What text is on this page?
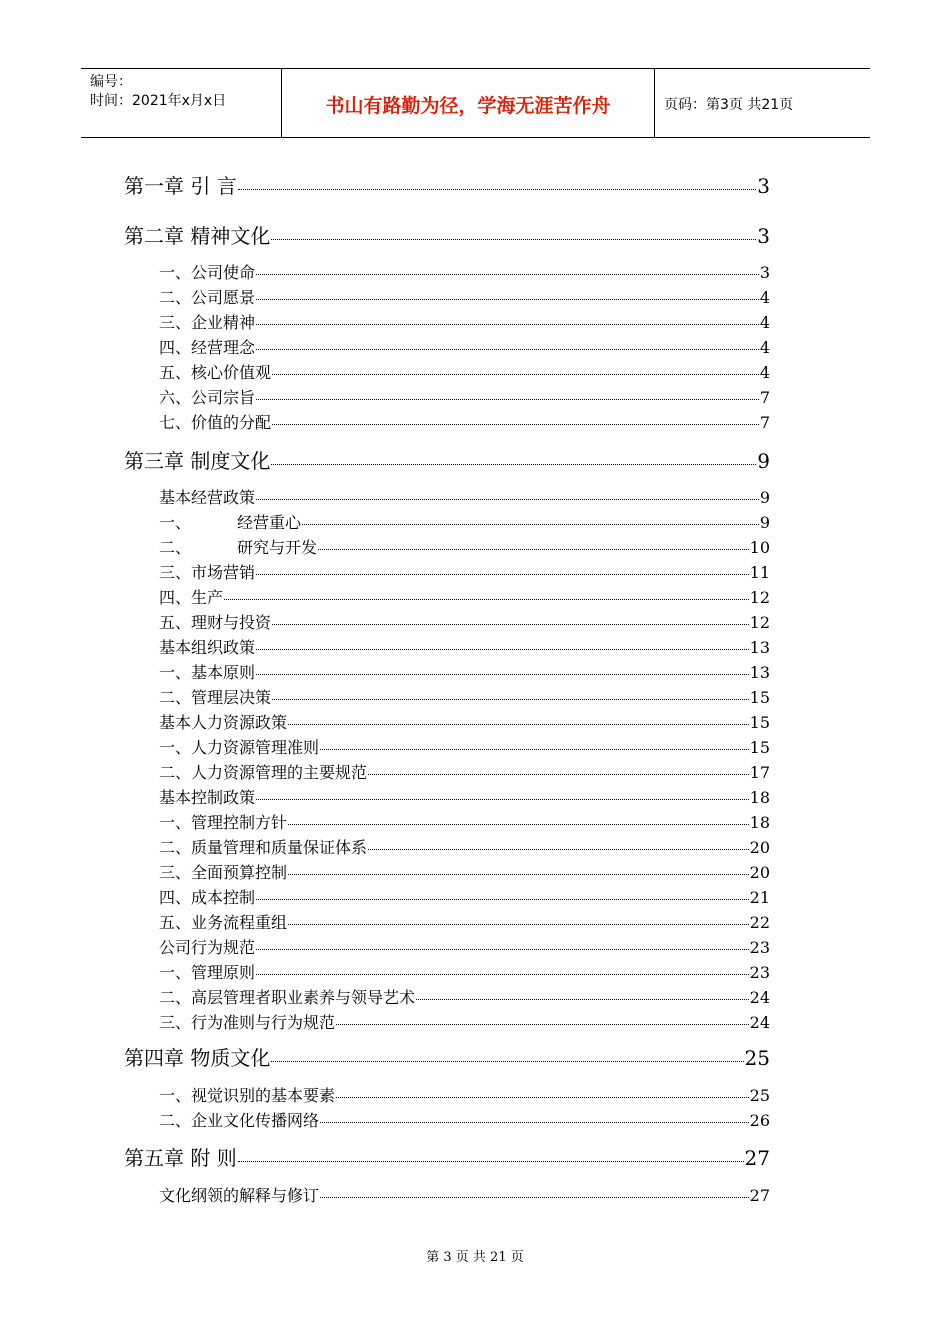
编号：
时间：2021年x月x日	书山有路勤为径，学海无涯苦作舟	页码：第3页 共21页
第一章 引 言	3
第二章 精神文化	3
一、公司使命	3
二、公司愿景	4
三、企业精神	4
四、经营理念	4
五、核心价值观	4
六、公司宗旨	7
七、价值的分配	7
第三章 制度文化	9
基本经营政策	9
一、	经营重心	9
二、	研究与开发	10
三、市场营销	11
四、生产	12
五、理财与投资	12
基本组织政策	13
一、基本原则	13
二、管理层决策	15
基本人力资源政策	15
一、人力资源管理准则	15
二、人力资源管理的主要规范	17
基本控制政策	18
一、管理控制方针	18
二、质量管理和质量保证体系	20
三、全面预算控制	20
四、成本控制	21
五、业务流程重组	22
公司行为规范	23
一、管理原则	23
二、高层管理者职业素养与领导艺术	24
三、行为准则与行为规范	24
第四章 物质文化	25
一、视觉识别的基本要素	25
二、企业文化传播网络	26
第五章 附 则	27
文化纲领的解释与修订	27
第 3 页 共 21 页
